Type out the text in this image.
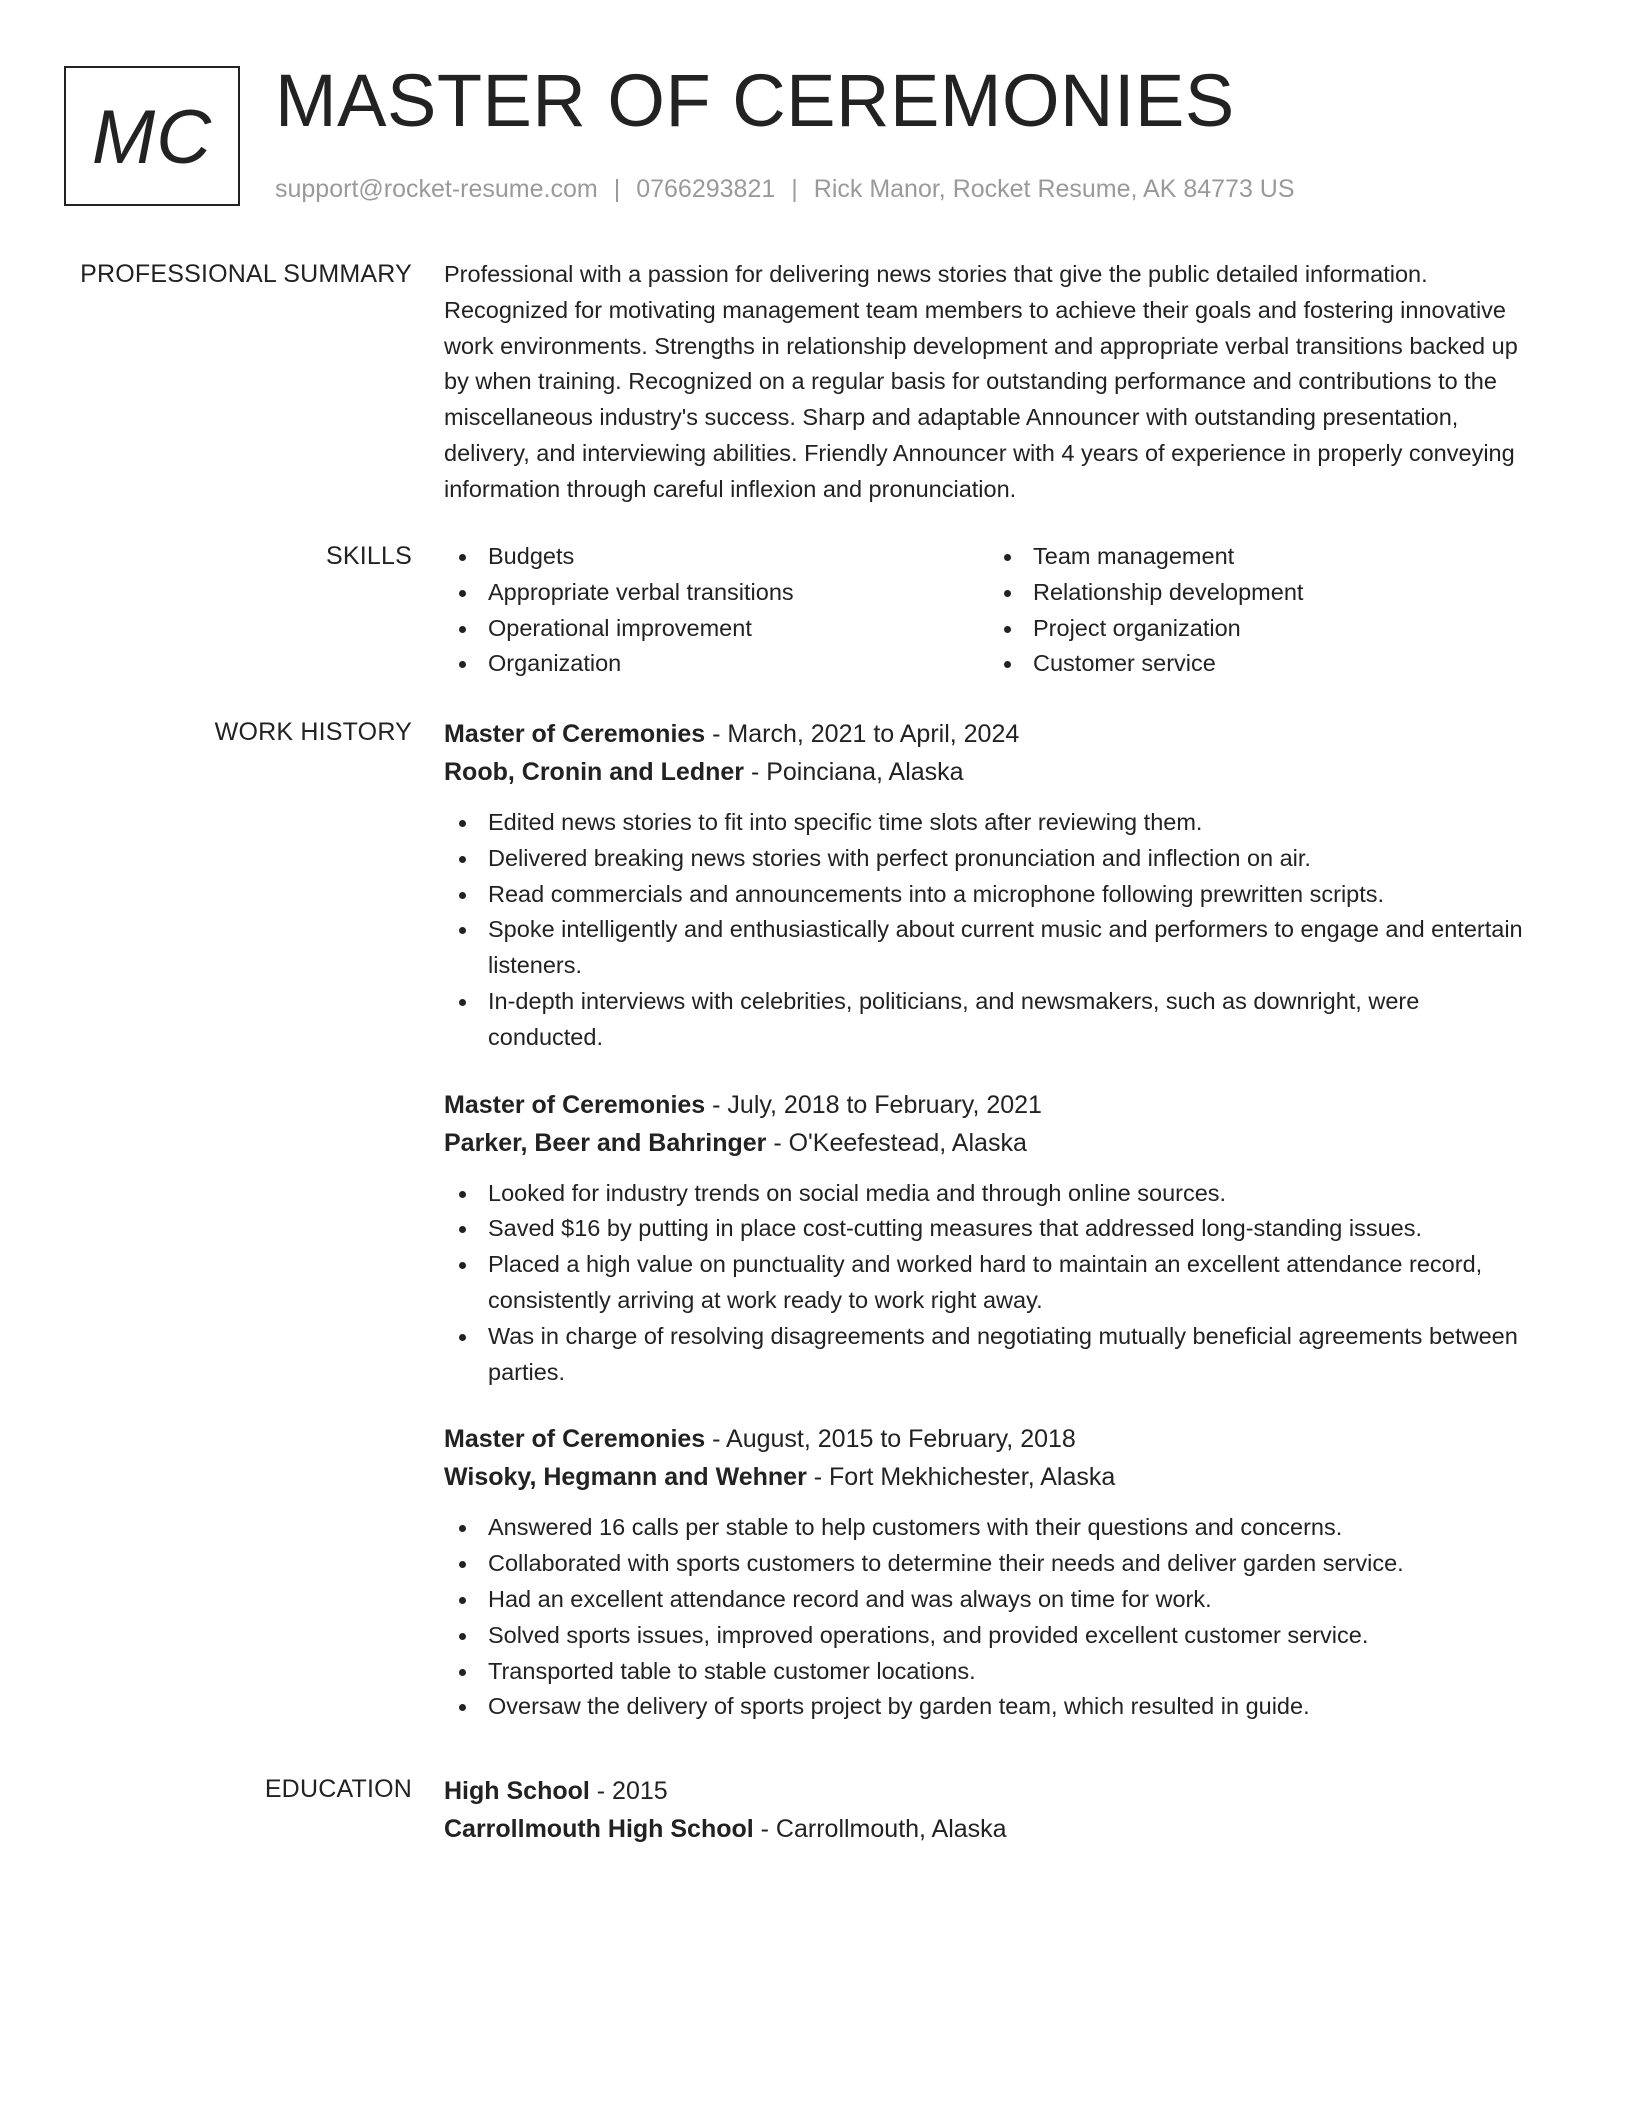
MC MASTER OF CEREMONIES
support@rocket-resume.com | 0766293821 | Rick Manor, Rocket Resume, AK 84773 US
PROFESSIONAL SUMMARY Professional with a passion for delivering news stories that give the public detailed information. Recognized for motivating management team members to achieve their goals and fostering innovative work environments. Strengths in relationship development and appropriate verbal transitions backed up by when training. Recognized on a regular basis for outstanding performance and contributions to the miscellaneous industry's success. Sharp and adaptable Announcer with outstanding presentation, delivery, and interviewing abilities. Friendly Announcer with 4 years of experience in properly conveying information through careful inflexion and pronunciation.

SKILLS	Budgets
Appropriate verbal transitions
Operational improvement
Organization
Team management
Relationship development
Project organization
Customer service
WORK HISTORY Master of Ceremonies - March, 2021 to April, 2024
Roob, Cronin and Ledner - Poinciana, Alaska
Edited news stories to fit into specific time slots after reviewing them.
Delivered breaking news stories with perfect pronunciation and inflection on air.
Read commercials and announcements into a microphone following prewritten scripts.
Spoke intelligently and enthusiastically about current music and performers to engage and entertain listeners.
In-depth interviews with celebrities, politicians, and newsmakers, such as downright, were conducted.
Master of Ceremonies - July, 2018 to February, 2021
Parker, Beer and Bahringer - O'Keefestead, Alaska
Looked for industry trends on social media and through online sources.
Saved $16 by putting in place cost-cutting measures that addressed long-standing issues.
Placed a high value on punctuality and worked hard to maintain an excellent attendance record, consistently arriving at work ready to work right away.
Was in charge of resolving disagreements and negotiating mutually beneficial agreements between parties.
Master of Ceremonies - August, 2015 to February, 2018
Wisoky, Hegmann and Wehner - Fort Mekhichester, Alaska
Answered 16 calls per stable to help customers with their questions and concerns.
Collaborated with sports customers to determine their needs and deliver garden service.
Had an excellent attendance record and was always on time for work.
Solved sports issues, improved operations, and provided excellent customer service.
Transported table to stable customer locations.
Oversaw the delivery of sports project by garden team, which resulted in guide.
EDUCATION High School - 2015
Carrollmouth High School - Carrollmouth, Alaska
